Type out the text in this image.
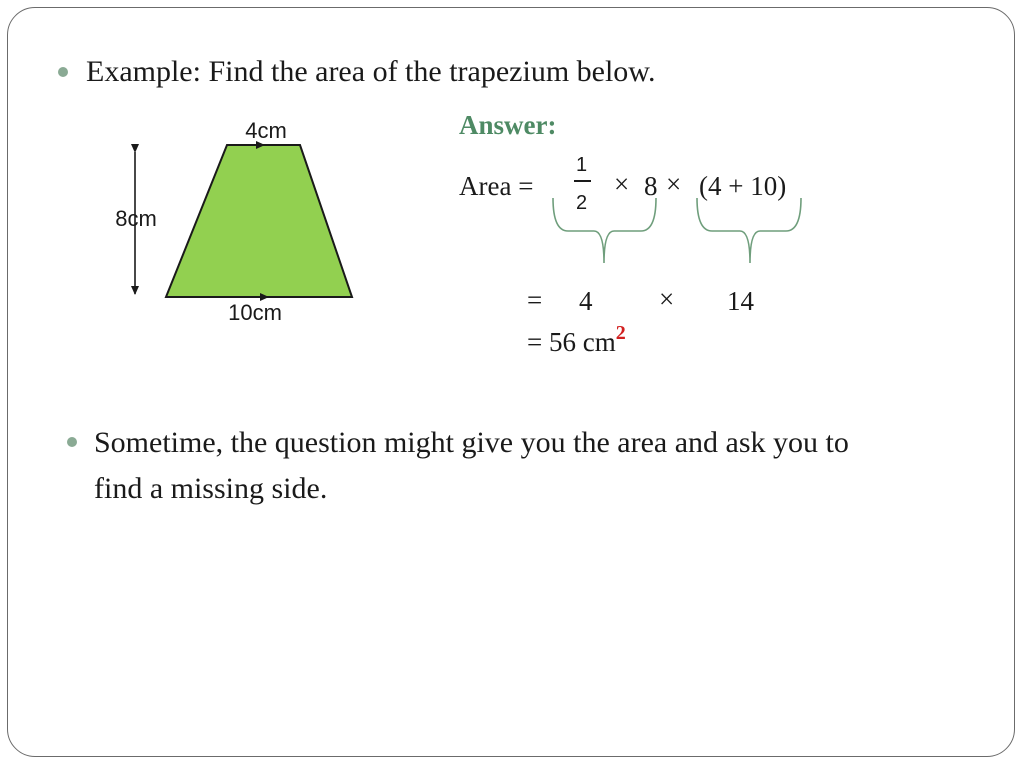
Example: Find the area of the trapezium below.
4cm
8cm
10cm
Answer:
Area =
1
2
× 8 × (4 + 10)
= 4 × 14
= 56 $cm^2$
Sometime, the question might give you the area and ask you to
find a missing side.
